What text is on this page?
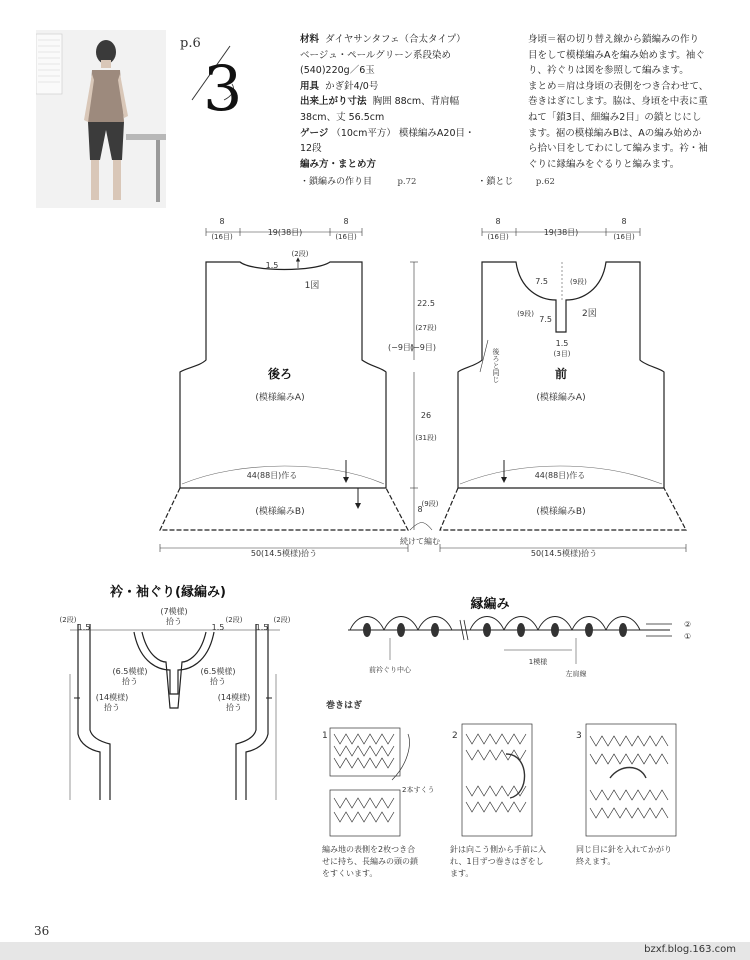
p.6
3
材料 ダイヤサンタフェ（合太タイプ）
ベージュ・ペールグリーン系段染め
(540)220g／6玉
用具 かぎ針4/0号
出来上がり寸法 胸囲 88cm、背肩幅
38cm、丈 56.5cm
ゲージ （10cm平方） 模様編みA20目・
12段
編み方・まとめ方
身頃＝裾の切り替え線から鎖編みの作り
目をして模様編みAを編み始めます。袖ぐ
り、衿ぐりは図を参照して編みます。
まとめ＝肩は身頃の表側をつき合わせて、
巻きはぎにします。脇は、身頃を中表に重
ねて「鎖3目、細編み2目」の鎖とじにし
ます。裾の模様編みBは、Aの編み始めか
ら拾い目をしてわにして編みます。衿・袖
ぐりに縁編みをぐるりと編みます。
・鎖編みの作り目	p.72	・鎖とじ	p.62
8
(16目)	19(38目)
8
(16目)
1.5
(2段)
1図
(−9目)
後ろ
(模様編みA)
44(88目)作る
(模様編みB)
50(14.5模様)拾う
22.5
(27段)
26
(31段)
8
(9段)
続けて編む
8
(16目)	19(38目)
8
(16目)
7.5	(9段)
7.5
(9段)
1.5
(3目)
2図
(−9目)
後ろと同じ	前
(模様編みA)
44(88目)作る
(模様編みB)
50(14.5模様)拾う
衿・袖ぐり(縁編み)
(7模様)
拾う
(6.5模様)
拾う
(6.5模様)
拾う
(14模様)
拾う
(14模様)
拾う
1.5
(2段)
1.5
(2段)
1.5
(2段)
縁編み
②
①
前衿ぐり中心
1模様
左肩線
巻きはぎ
1	2	3
2本すくう
編み地の表側を2枚つき合せに持ち、長編みの頭の鎖をすくいます。
針は向こう側から手前に入れ、1目ずつ巻きはぎをします。
同じ目に針を入れてかがり終えます。
36
bzxf.blog.163.com
